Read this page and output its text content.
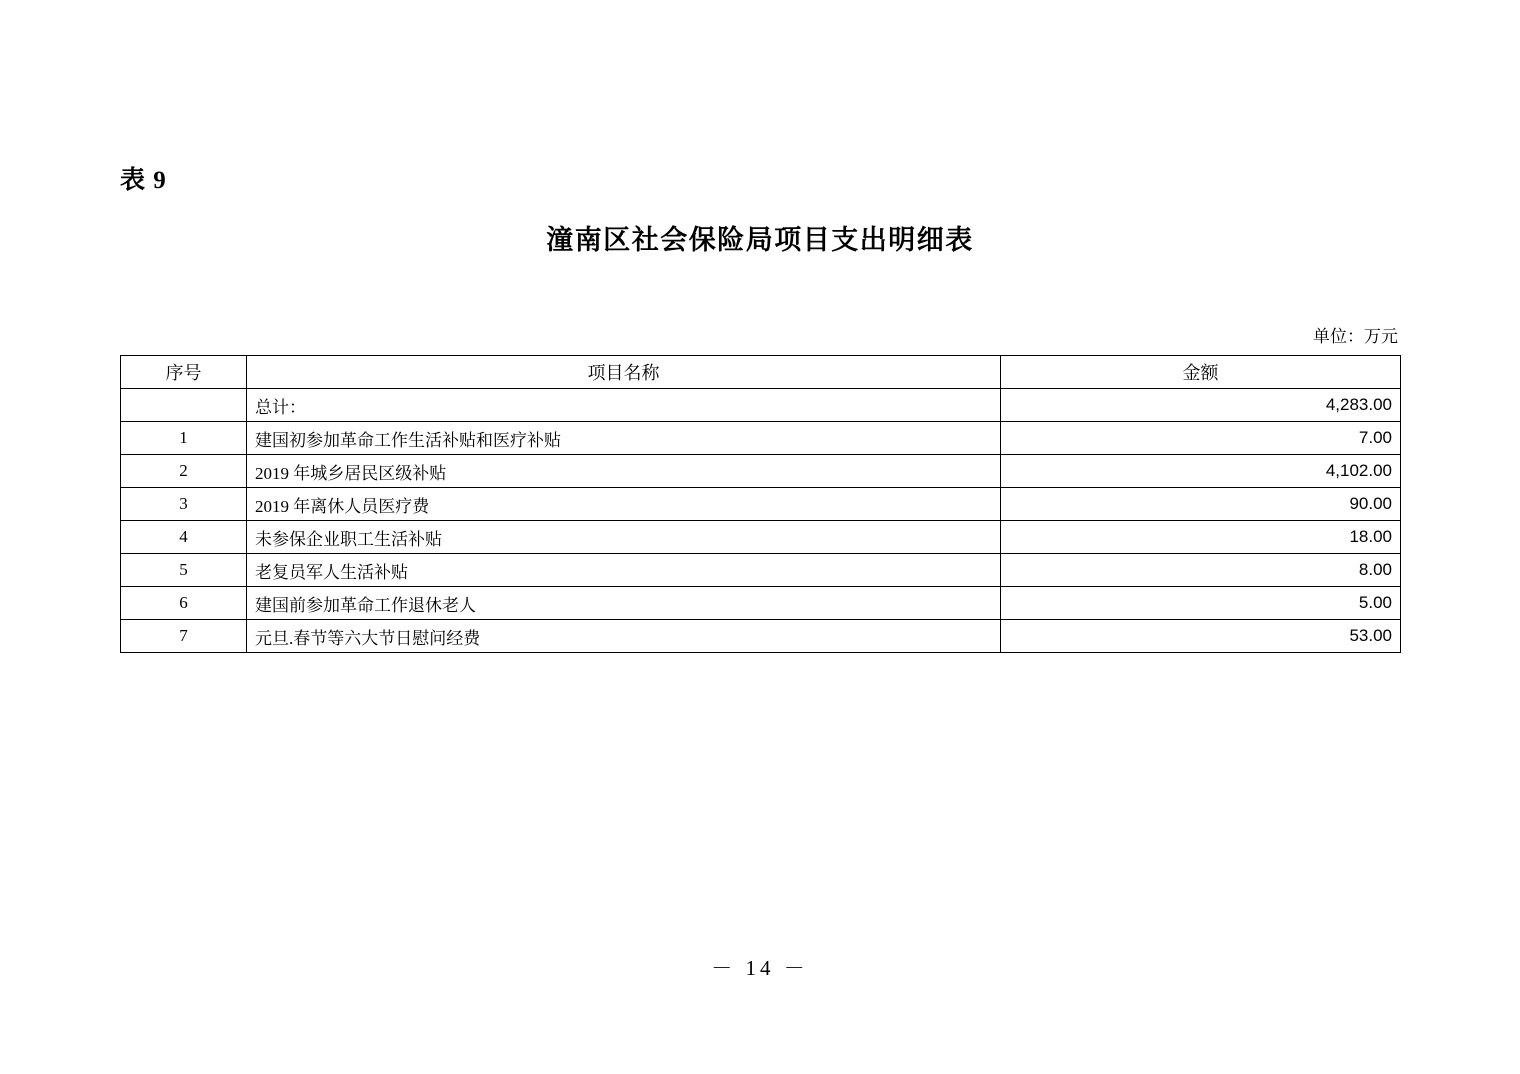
表 9
潼南区社会保险局项目支出明细表
单位：万元
序号	项目名称	金额
	总计：	4,283.00
1	建国初参加革命工作生活补贴和医疗补贴	7.00
2	2019 年城乡居民区级补贴	4,102.00
3	2019 年离休人员医疗费	90.00
4	未参保企业职工生活补贴	18.00
5	老复员军人生活补贴	8.00
6	建国前参加革命工作退休老人	5.00
7	元旦.春节等六大节日慰问经费	53.00
－ 14 －
